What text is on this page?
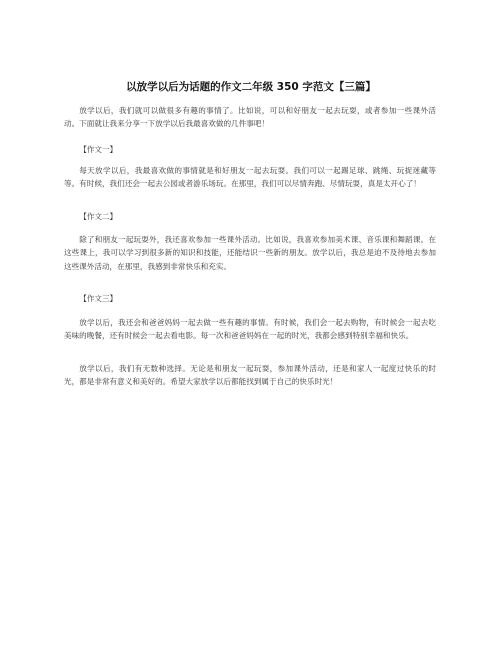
以放学以后为话题的作文二年级 350 字范文【三篇】

放学以后，我们就可以做很多有趣的事情了。比如说，可以和好朋友一起去玩耍，或者参加一些课外活动。下面就让我来分享一下放学以后我最喜欢做的几件事吧！

【作文一】

每天放学以后，我最喜欢做的事情就是和好朋友一起去玩耍。我们可以一起踢足球、跳绳、玩捉迷藏等等。有时候，我们还会一起去公园或者游乐场玩。在那里，我们可以尽情奔跑、尽情玩耍，真是太开心了！

【作文二】

除了和朋友一起玩耍外，我还喜欢参加一些课外活动。比如说，我喜欢参加美术课、音乐课和舞蹈课。在这些课上，我可以学习到很多新的知识和技能，还能结识一些新的朋友。放学以后，我总是迫不及待地去参加这些课外活动，在那里，我感到非常快乐和充实。

【作文三】

放学以后，我还会和爸爸妈妈一起去做一些有趣的事情。有时候，我们会一起去购物，有时候会一起去吃美味的晚餐，还有时候会一起去看电影。每一次和爸爸妈妈在一起的时光，我都会感到特别幸福和快乐。

放学以后，我们有无数种选择。无论是和朋友一起玩耍，参加课外活动，还是和家人一起度过快乐的时光，都是非常有意义和美好的。希望大家放学以后都能找到属于自己的快乐时光！
